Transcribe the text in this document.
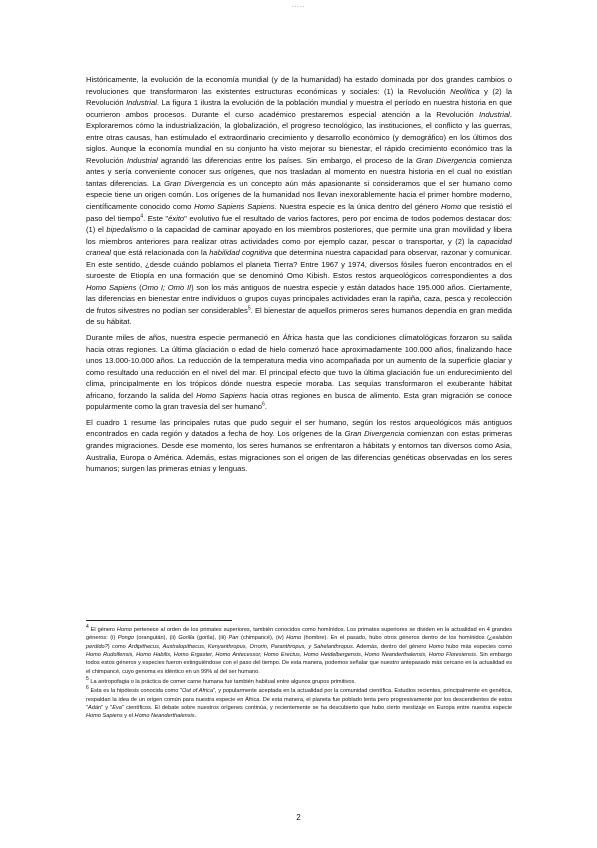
-----

Históricamente, la evolución de la economía mundial (y de la humanidad) ha estado dominada por dos grandes cambios o revoluciones que transformaron las existentes estructuras económicas y sociales: (1) la Revolución Neolítica y (2) la Revolución Industrial. La figura 1 ilustra la evolución de la población mundial y muestra el período en nuestra historia en que ocurrieron ambos procesos. Durante el curso académico prestaremos especial atención a la Revolución Industrial. Exploraremos cómo la industrialización, la globalización, el progreso tecnológico, las instituciones, el conflicto y las guerras, entre otras causas, han estimulado el extraordinario crecimiento y desarrollo económico (y demográfico) en los últimos dos siglos. Aunque la economía mundial en su conjunto ha visto mejorar su bienestar, el rápido crecimiento económico tras la Revolución Industrial agrandó las diferencias entre los países. Sin embargo, el proceso de la Gran Divergencia comienza antes y sería conveniente conocer sus orígenes, que nos trasladan al momento en nuestra historia en el cual no existían tantas diferencias. La Gran Divergencia es un concepto aún más apasionante si consideramos que el ser humano como especie tiene un origen común. Los orígenes de la humanidad nos llevan inexorablemente hacia el primer hombre moderno, científicamente conocido como Homo Sapiens Sapiens. Nuestra especie es la única dentro del género Homo que resistió el paso del tiempo$^4$. Este "éxito" evolutivo fue el resultado de varios factores, pero por encima de todos podemos destacar dos: (1) el bipedalismo o la capacidad de caminar apoyado en los miembros posteriores, que permite una gran movilidad y libera los miembros anteriores para realizar otras actividades como por ejemplo cazar, pescar o transportar, y (2) la capacidad craneal que está relacionada con la habilidad cognitiva que determina nuestra capacidad para observar, razonar y comunicar. En este sentido, ¿desde cuándo poblamos el planeta Tierra? Entre 1967 y 1974, diversos fósiles fueron encontrados en el suroeste de Etiopía en una formación que se denominó Omo Kibish. Estos restos arqueológicos correspondientes a dos Homo Sapiens (Omo I; Omo II) son los más antiguos de nuestra especie y están datados hace 195.000 años. Ciertamente, las diferencias en bienestar entre individuos o grupos cuyas principales actividades eran la rapiña, caza, pesca y recolección de frutos silvestres no podían ser considerables$^5$. El bienestar de aquellos primeros seres humanos dependía en gran medida de su hábitat.

Durante miles de años, nuestra especie permaneció en África hasta que las condiciones climatológicas forzaron su salida hacia otras regiones. La última glaciación o edad de hielo comenzó hace aproximadamente 100.000 años, finalizando hace unos 13.000-10.000 años. La reducción de la temperatura media vino acompañada por un aumento de la superficie glaciar y como resultado una reducción en el nivel del mar. El principal efecto que tuvo la última glaciación fue un endurecimiento del clima, principalmente en los trópicos dónde nuestra especie moraba. Las sequías transformaron el exuberante hábitat africano, forzando la salida del Homo Sapiens hacia otras regiones en busca de alimento. Esta gran migración se conoce popularmente como la gran travesía del ser humano$^6$.

El cuadro 1 resume las principales rutas que pudo seguir el ser humano, según los restos arqueológicos más antiguos encontrados en cada región y datados a fecha de hoy. Los orígenes de la Gran Divergencia comienzan con estas primeras grandes migraciones. Desde ese momento, los seres humanos se enfrentaron a hábitats y entornos tan diversos como Asia, Australia, Europa o América. Además, estas migraciones son el origen de las diferencias genéticas observadas en los seres humanos; surgen las primeras etnias y lenguas.

$^4$ El género Homo pertenece al orden de los primates superiores, también conocidos como homínidos. Los primates superiores se dividen en la actualidad en 4 grandes géneros: (i) Pongo (orangután), (ii) Gorilla (gorila), (iii) Pan (chimpancé), (iv) Homo (hombre). En el pasado, hubo otros géneros dentro de los homínidos (¿eslabón perdido?) como Ardipithecus, Australopithecus, Kenyanthropus, Orrorin, Paranthropus, y Sahelanthropus. Además, dentro del género Homo hubo más especies como Homo Rudolfensis, Homo Habilis, Homo Ergaster, Homo Antecessor, Homo Erectus, Homo Heidelbergensis, Homo Neanderthalensis, Homo Floresiensis. Sin embargo todos estos géneros y especies fueron extinguiéndose con el paso del tiempo. De esta manera, podemos señalar que nuestro antepasado más cercano en la actualidad es el chimpancé, cuyo genoma es idéntico en un 99% al del ser humano.

$^5$ La antropofagia o la práctica de comer carne humana fue también habitual entre algunos grupos primitivos.

$^6$ Esta es la hipótesis conocida como "Out of Africa", y popularmente aceptada en la actualidad por la comunidad científica. Estudios recientes, principalmente en genética, respaldan la idea de un origen común para nuestra especie en África. De esta manera, el planeta fue poblado lenta pero progresivamente por los descendientes de estos "Adán" y "Eva" científicos. El debate sobre nuestros orígenes continúa, y recientemente se ha descubierto que hubo cierto mestizaje en Europa entre nuestra especie Homo Sapiens y el Homo Neanderthalensis.

2
